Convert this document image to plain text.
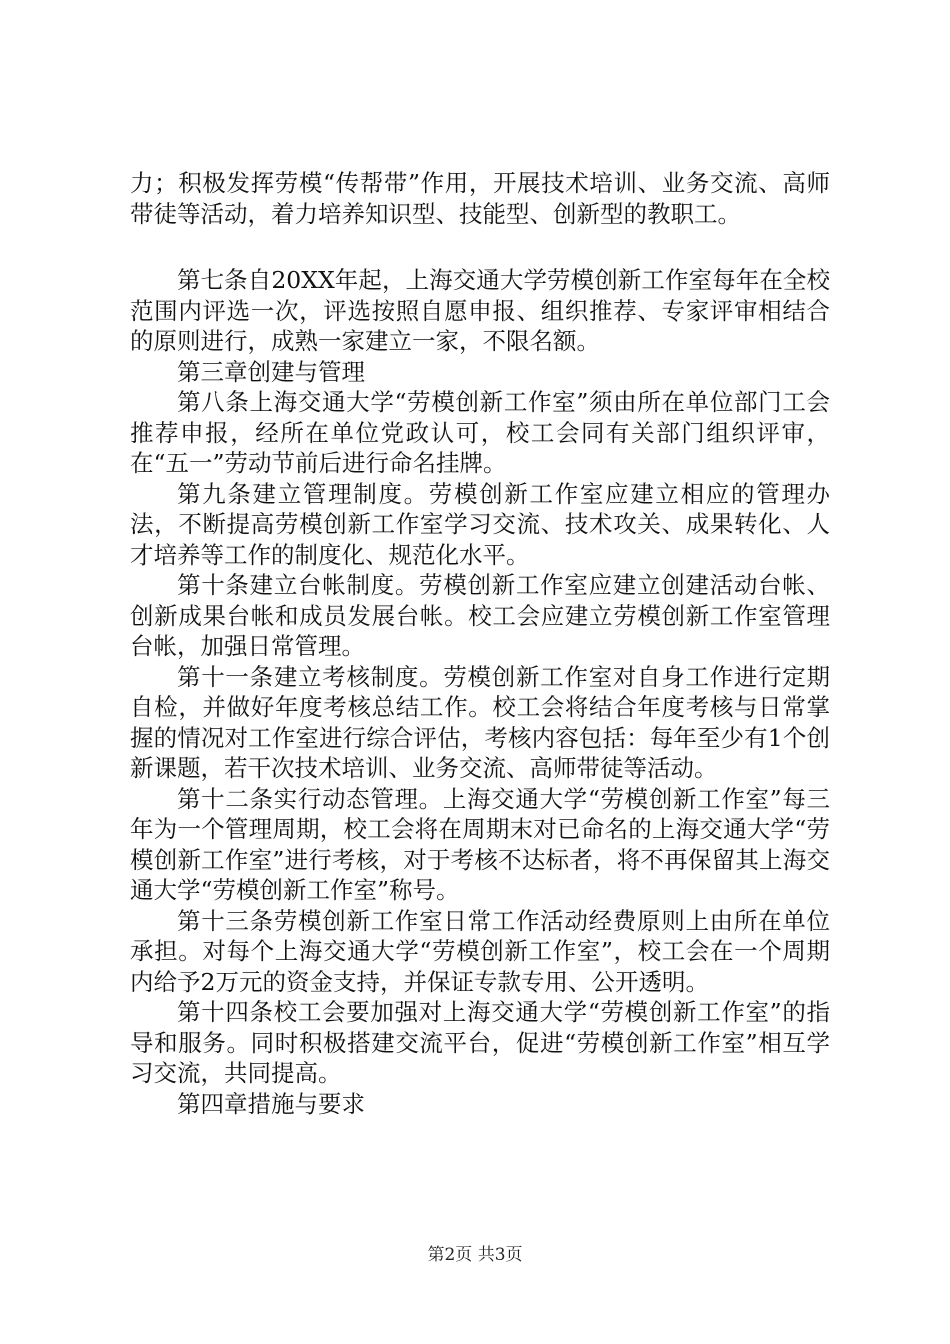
力；积极发挥劳模“传帮带”作用，开展技术培训、业务交流、高师带徒等活动，着力培养知识型、技能型、创新型的教职工。

第七条自20XX年起，上海交通大学劳模创新工作室每年在全校范围内评选一次，评选按照自愿申报、组织推荐、专家评审相结合的原则进行，成熟一家建立一家，不限名额。

第三章创建与管理

第八条上海交通大学“劳模创新工作室”须由所在单位部门工会推荐申报，经所在单位党政认可，校工会同有关部门组织评审，在“五一”劳动节前后进行命名挂牌。

第九条建立管理制度。劳模创新工作室应建立相应的管理办法，不断提高劳模创新工作室学习交流、技术攻关、成果转化、人才培养等工作的制度化、规范化水平。

第十条建立台帐制度。劳模创新工作室应建立创建活动台帐、创新成果台帐和成员发展台帐。校工会应建立劳模创新工作室管理台帐，加强日常管理。

第十一条建立考核制度。劳模创新工作室对自身工作进行定期自检，并做好年度考核总结工作。校工会将结合年度考核与日常掌握的情况对工作室进行综合评估，考核内容包括：每年至少有1个创新课题，若干次技术培训、业务交流、高师带徒等活动。

第十二条实行动态管理。上海交通大学“劳模创新工作室”每三年为一个管理周期，校工会将在周期末对已命名的上海交通大学“劳模创新工作室”进行考核，对于考核不达标者，将不再保留其上海交通大学“劳模创新工作室”称号。

第十三条劳模创新工作室日常工作活动经费原则上由所在单位承担。对每个上海交通大学“劳模创新工作室”，校工会在一个周期内给予2万元的资金支持，并保证专款专用、公开透明。

第十四条校工会要加强对上海交通大学“劳模创新工作室”的指导和服务。同时积极搭建交流平台，促进“劳模创新工作室”相互学习交流，共同提高。

第四章措施与要求

第2页 共3页
